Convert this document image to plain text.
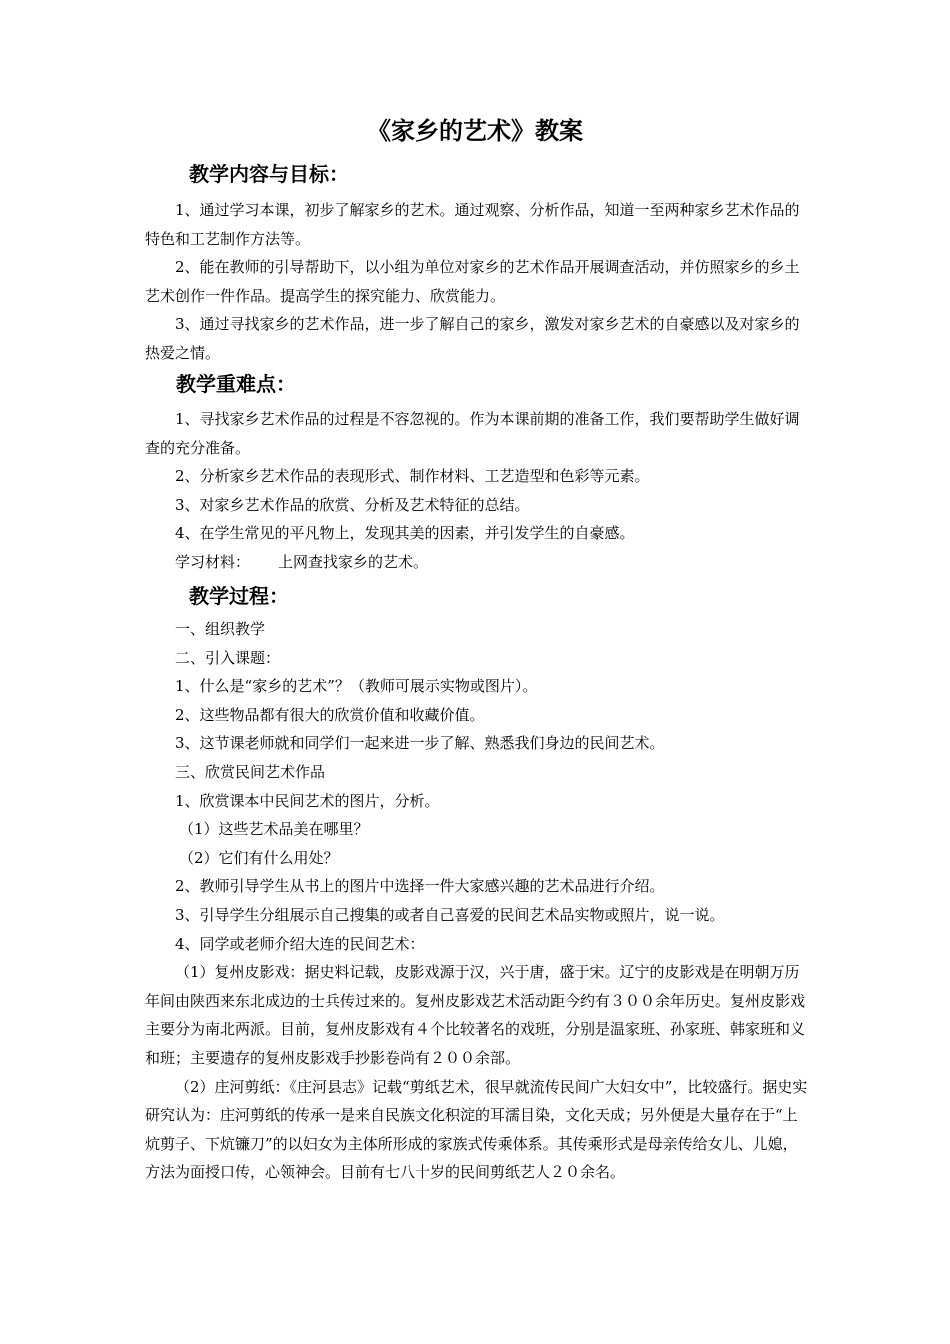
《家乡的艺术》教案
教学内容与目标：

1、通过学习本课，初步了解家乡的艺术。通过观察、分析作品，知道一至两种家乡艺术作品的特色和工艺制作方法等。

2、能在教师的引导帮助下，以小组为单位对家乡的艺术作品开展调查活动，并仿照家乡的乡土艺术创作一件作品。提高学生的探究能力、欣赏能力。

3、通过寻找家乡的艺术作品，进一步了解自己的家乡，激发对家乡艺术的自豪感以及对家乡的热爱之情。

教学重难点：

1、寻找家乡艺术作品的过程是不容忽视的。作为本课前期的准备工作，我们要帮助学生做好调查的充分准备。

2、分析家乡艺术作品的表现形式、制作材料、工艺造型和色彩等元素。

3、对家乡艺术作品的欣赏、分析及艺术特征的总结。

4、在学生常见的平凡物上，发现其美的因素，并引发学生的自豪感。

学习材料： 上网查找家乡的艺术。

教学过程：

一、组织教学

二、引入课题：

1、什么是“家乡的艺术”？（教师可展示实物或图片）。

2、这些物品都有很大的欣赏价值和收藏价值。

3、这节课老师就和同学们一起来进一步了解、熟悉我们身边的民间艺术。

三、欣赏民间艺术作品

1、欣赏课本中民间艺术的图片，分析。

（1）这些艺术品美在哪里？

（2）它们有什么用处？

2、教师引导学生从书上的图片中选择一件大家感兴趣的艺术品进行介绍。

3、引导学生分组展示自己搜集的或者自己喜爱的民间艺术品实物或照片，说一说。

4、同学或老师介绍大连的民间艺术：

（1）复州皮影戏：据史料记载，皮影戏源于汉，兴于唐，盛于宋。辽宁的皮影戏是在明朝万历年间由陕西来东北成边的士兵传过来的。复州皮影戏艺术活动距今约有３００余年历史。复州皮影戏主要分为南北两派。目前，复州皮影戏有４个比较著名的戏班，分别是温家班、孙家班、韩家班和义和班；主要遗存的复州皮影戏手抄影卷尚有２００余部。

（2）庄河剪纸：《庄河县志》记载“剪纸艺术，很早就流传民间广大妇女中”，比较盛行。据史实研究认为：庄河剪纸的传承一是来自民族文化积淀的耳濡目染，文化天成；另外便是大量存在于“上炕剪子、下炕镰刀”的以妇女为主体所形成的家族式传乘体系。其传乘形式是母亲传给女儿、儿媳，方法为面授口传，心领神会。目前有七八十岁的民间剪纸艺人２０余名。
